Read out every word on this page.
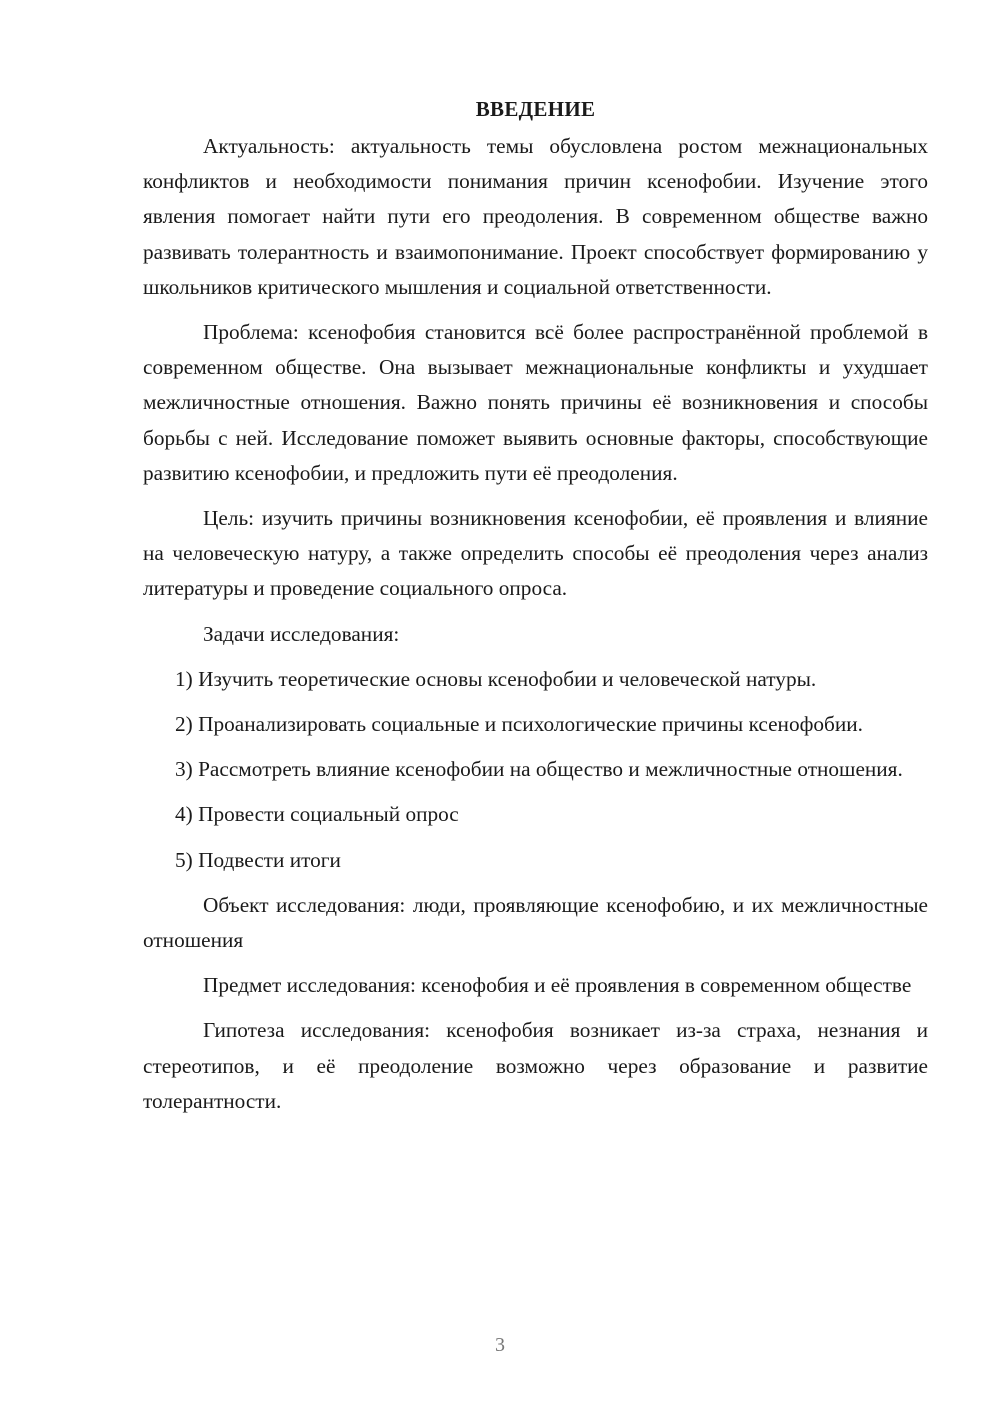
ВВЕДЕНИЕ

Актуальность: актуальность темы обусловлена ростом межнациональных конфликтов и необходимости понимания причин ксенофобии. Изучение этого явления помогает найти пути его преодоления. В современном обществе важно развивать толерантность и взаимопонимание. Проект способствует формированию у школьников критического мышления и социальной ответственности.

Проблема: ксенофобия становится всё более распространённой проблемой в современном обществе. Она вызывает межнациональные конфликты и ухудшает межличностные отношения. Важно понять причины её возникновения и способы борьбы с ней. Исследование поможет выявить основные факторы, способствующие развитию ксенофобии, и предложить пути её преодоления.

Цель: изучить причины возникновения ксенофобии, её проявления и влияние на человеческую натуру, а также определить способы её преодоления через анализ литературы и проведение социального опроса.

Задачи исследования:

1) Изучить теоретические основы ксенофобии и человеческой натуры.

2) Проанализировать социальные и психологические причины ксенофобии.

3) Рассмотреть влияние ксенофобии на общество и межличностные отношения.

4) Провести социальный опрос

5) Подвести итоги

Объект исследования: люди, проявляющие ксенофобию, и их межличностные отношения

Предмет исследования: ксенофобия и её проявления в современном обществе

Гипотеза исследования: ксенофобия возникает из-за страха, незнания и стереотипов, и её преодоление возможно через образование и развитие толерантности.

3
